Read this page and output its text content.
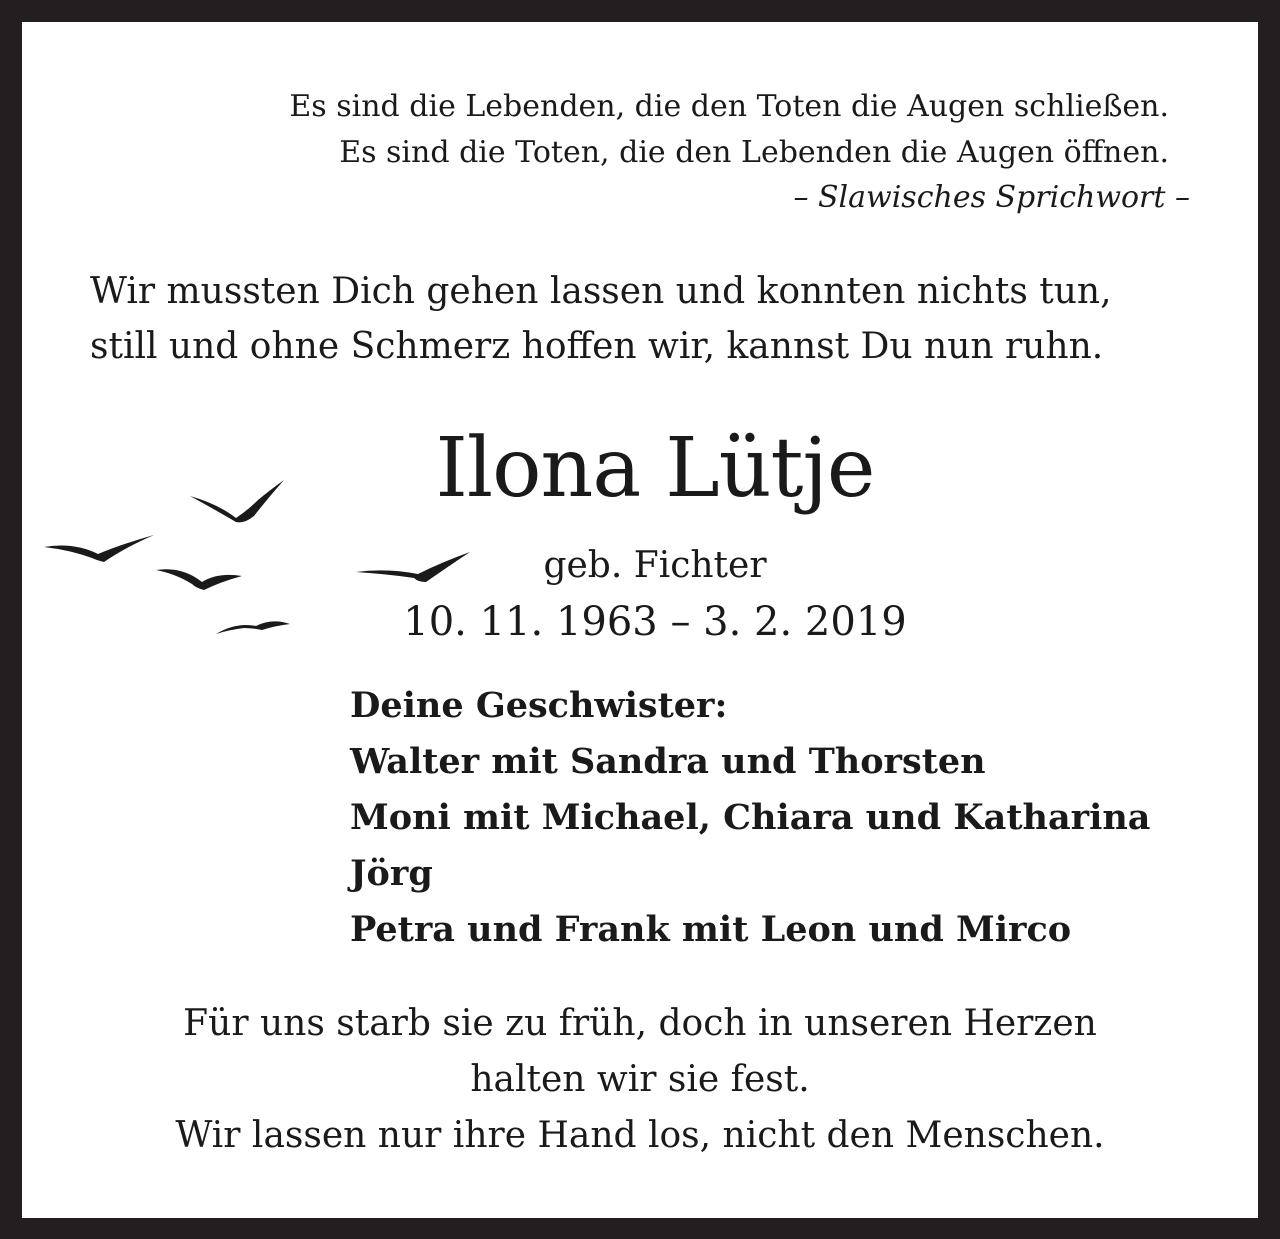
Es sind die Lebenden, die den Toten die Augen schließen.

Es sind die Toten, die den Lebenden die Augen öffnen.

– Slawisches Sprichwort –

Wir mussten Dich gehen lassen und konnten nichts tun,

still und ohne Schmerz hoffen wir, kannst Du nun ruhn.

Ilona Lütje

geb. Fichter

10. 11. 1963 – 3. 2. 2019

Deine Geschwister:

Walter mit Sandra und Thorsten

Moni mit Michael, Chiara und Katharina

Jörg

Petra und Frank mit Leon und Mirco

Für uns starb sie zu früh, doch in unseren Herzen

halten wir sie fest.

Wir lassen nur ihre Hand los, nicht den Menschen.
